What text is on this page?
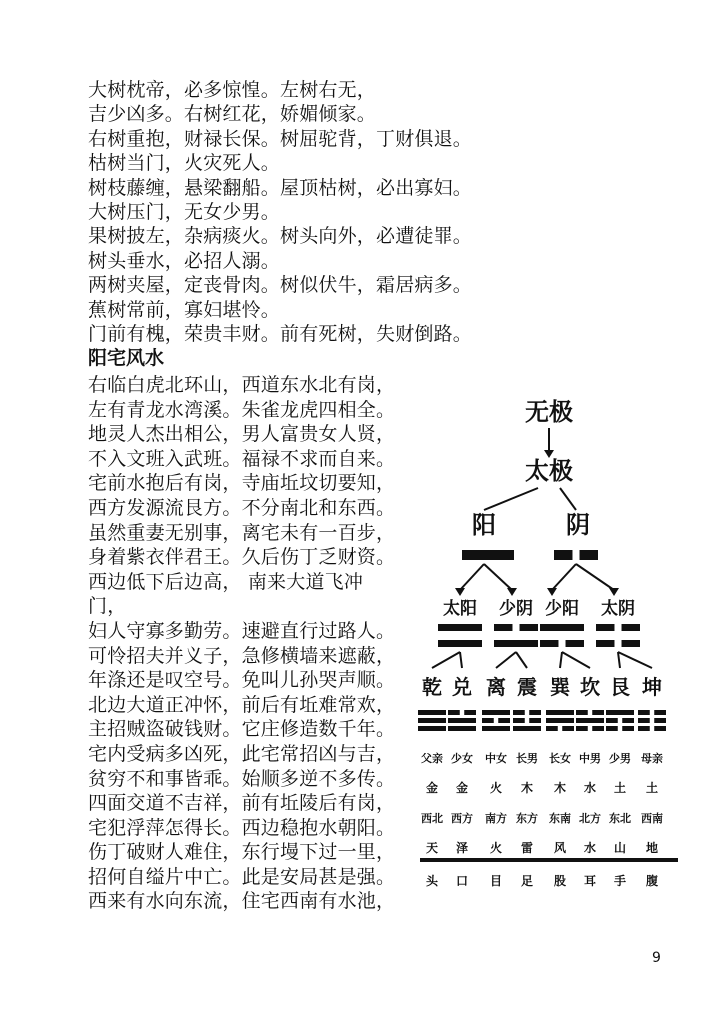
大树枕帝，必多惊惶。左树右无，
吉少凶多。右树红花，娇媚倾家。
右树重抱，财禄长保。树屈驼背，丁财俱退。
枯树当门，火灾死人。
树枝藤缠，悬梁翻船。屋顶枯树，必出寡妇。
大树压门，无女少男。
果树披左，杂病痰火。树头向外，必遭徒罪。
树头垂水，必招人溺。
两树夹屋，定丧骨肉。树似伏牛，霜居病多。
蕉树常前，寡妇堪怜。
门前有槐，荣贵丰财。前有死树，失财倒路。
阳宅风水
右临白虎北环山，西道东水北有岗，
左有青龙水湾溪。朱雀龙虎四相全。
地灵人杰出相公，男人富贵女人贤，
不入文班入武班。福禄不求而自来。
宅前水抱后有岗，寺庙坵坟切要知，
西方发源流艮方。不分南北和东西。
虽然重妻无别事，离宅未有一百步，
身着紫衣伴君王。久后伤丁乏财资。
西边低下后边高， 南来大道飞冲
门，
妇人守寡多勤劳。速避直行过路人。
可怜招夫并义子，急修横墙来遮蔽，
年涤还是叹空号。免叫儿孙哭声顺。
北边大道正冲怀，前后有坵难常欢，
主招贼盗破钱财。它庄修造数千年。
宅内受病多凶死，此宅常招凶与吉，
贫穷不和事皆乖。始顺多逆不多传。
四面交道不吉祥，前有坵陵后有岗，
宅犯浮萍怎得长。西边稳抱水朝阳。
伤丁破财人难住，东行墁下过一里，
招何自缢片中亡。此是安局甚是强。
西来有水向东流，住宅西南有水池，
无极
太极
阳	阴
太阳 少阴 少阳 太阴
乾 兑 离 震 巽 坎 艮 坤
父亲 少女 中女 长男 长女 中男 少男 母亲
金 金 火 木 木 水 土 土
西北 西方 南方 东方 东南 北方 东北 西南
天 泽 火 雷 风 水 山 地
头 口 目 足 股 耳 手 腹
9
